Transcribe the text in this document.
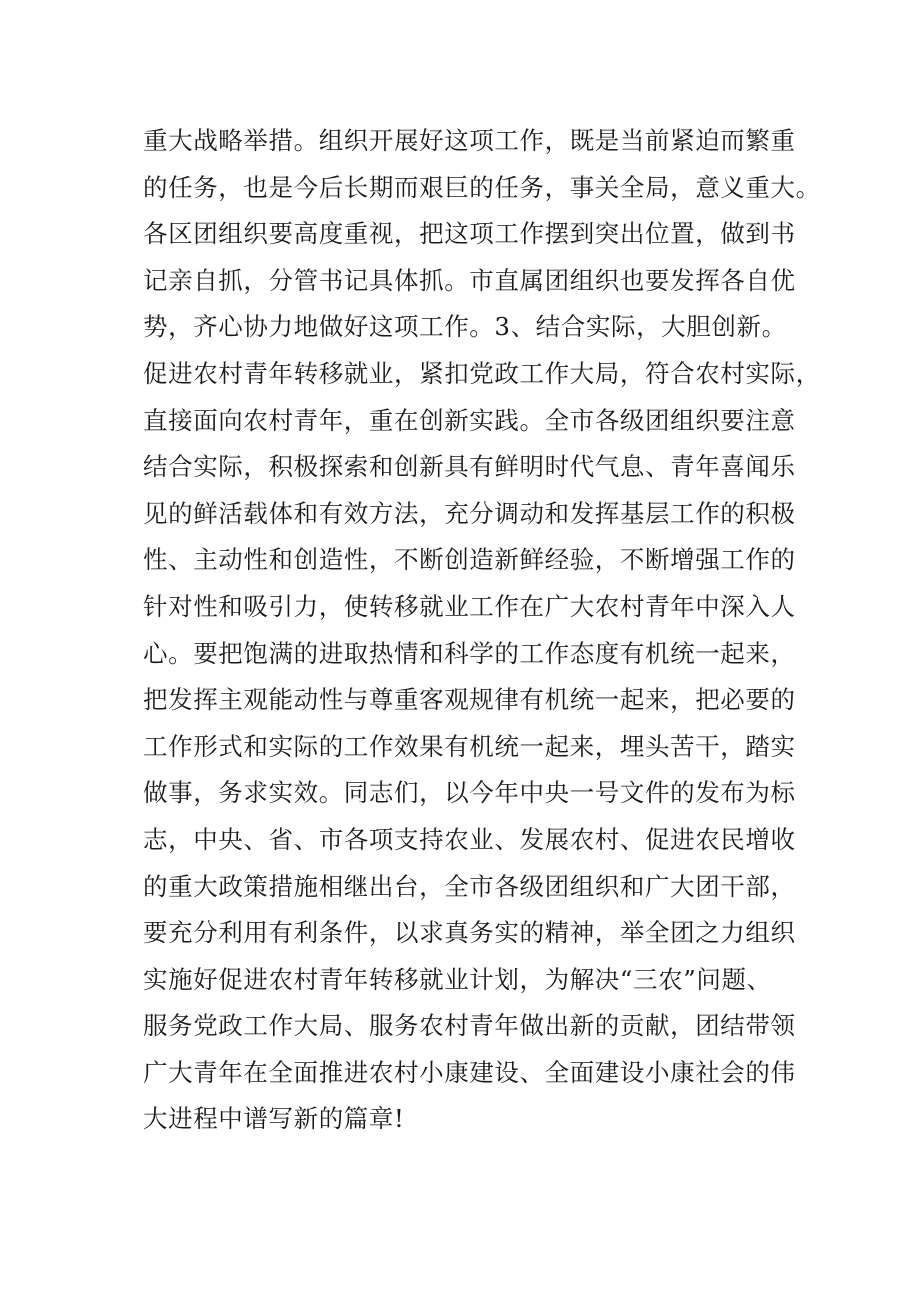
重大战略举措。组织开展好这项工作，既是当前紧迫而繁重
的任务，也是今后长期而艰巨的任务，事关全局，意义重大。
各区团组织要高度重视，把这项工作摆到突出位置，做到书
记亲自抓，分管书记具体抓。市直属团组织也要发挥各自优
势，齐心协力地做好这项工作。3、结合实际，大胆创新。
促进农村青年转移就业，紧扣党政工作大局，符合农村实际，
直接面向农村青年，重在创新实践。全市各级团组织要注意
结合实际，积极探索和创新具有鲜明时代气息、青年喜闻乐
见的鲜活载体和有效方法，充分调动和发挥基层工作的积极
性、主动性和创造性，不断创造新鲜经验，不断增强工作的
针对性和吸引力，使转移就业工作在广大农村青年中深入人
心。要把饱满的进取热情和科学的工作态度有机统一起来，
把发挥主观能动性与尊重客观规律有机统一起来，把必要的
工作形式和实际的工作效果有机统一起来，埋头苦干，踏实
做事，务求实效。同志们，以今年中央一号文件的发布为标
志，中央、省、市各项支持农业、发展农村、促进农民增收
的重大政策措施相继出台，全市各级团组织和广大团干部，
要充分利用有利条件，以求真务实的精神，举全团之力组织
实施好促进农村青年转移就业计划，为解决“三农”问题、
服务党政工作大局、服务农村青年做出新的贡献，团结带领
广大青年在全面推进农村小康建设、全面建设小康社会的伟
大进程中谱写新的篇章!
